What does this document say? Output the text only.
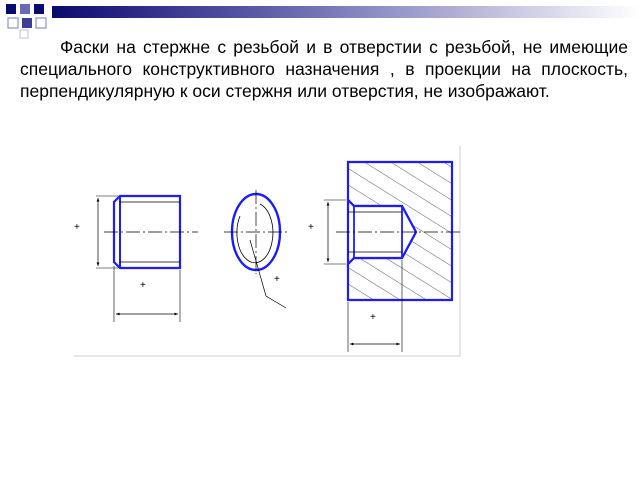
Фаски на стержне с резьбой и в отверстии с резьбой, не имеющие специального конструктивного назначения , в проекции на плоскость, перпендикулярную к оси стержня или отверстия, не изображают.

+
+
+
+
+
